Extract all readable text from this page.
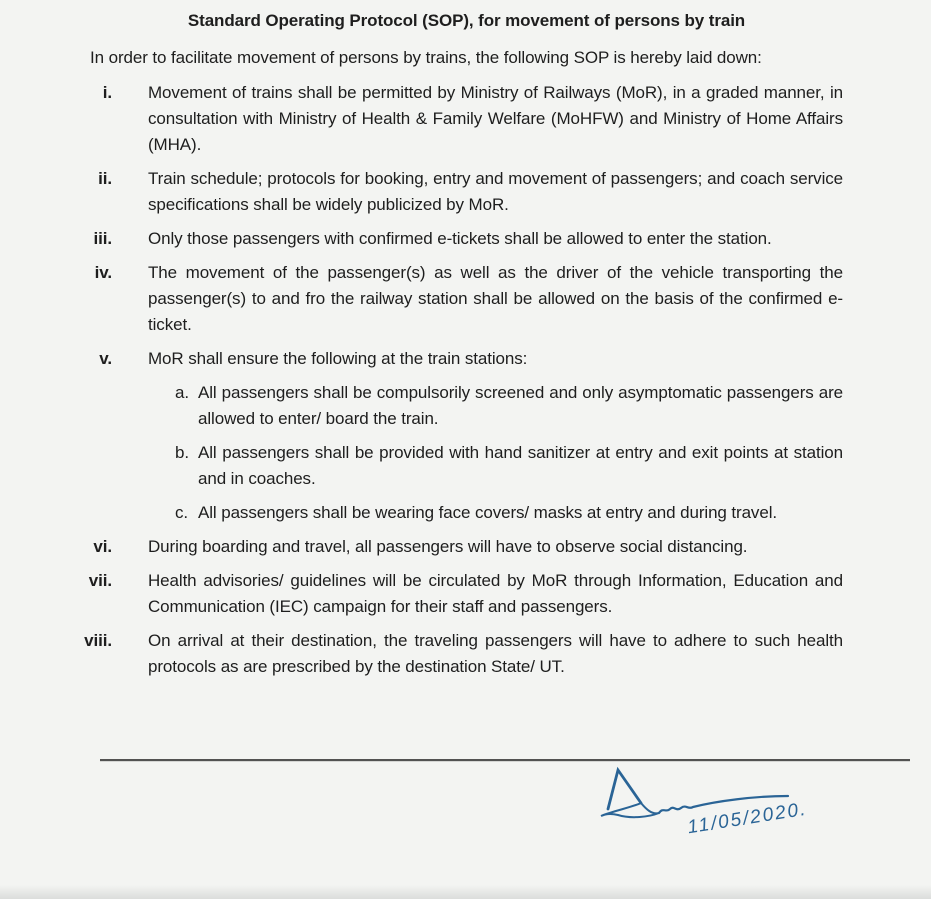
Standard Operating Protocol (SOP), for movement of persons by train
In order to facilitate movement of persons by trains, the following SOP is hereby laid down:
i. Movement of trains shall be permitted by Ministry of Railways (MoR), in a graded manner, in consultation with Ministry of Health & Family Welfare (MoHFW) and Ministry of Home Affairs (MHA).
ii. Train schedule; protocols for booking, entry and movement of passengers; and coach service specifications shall be widely publicized by MoR.
iii. Only those passengers with confirmed e-tickets shall be allowed to enter the station.
iv. The movement of the passenger(s) as well as the driver of the vehicle transporting the passenger(s) to and fro the railway station shall be allowed on the basis of the confirmed e-ticket.
v. MoR shall ensure the following at the train stations:
a. All passengers shall be compulsorily screened and only asymptomatic passengers are allowed to enter/ board the train.
b. All passengers shall be provided with hand sanitizer at entry and exit points at station and in coaches.
c. All passengers shall be wearing face covers/ masks at entry and during travel.
vi. During boarding and travel, all passengers will have to observe social distancing.
vii. Health advisories/ guidelines will be circulated by MoR through Information, Education and Communication (IEC) campaign for their staff and passengers.
viii. On arrival at their destination, the traveling passengers will have to adhere to such health protocols as are prescribed by the destination State/ UT.
11/05/2020.
